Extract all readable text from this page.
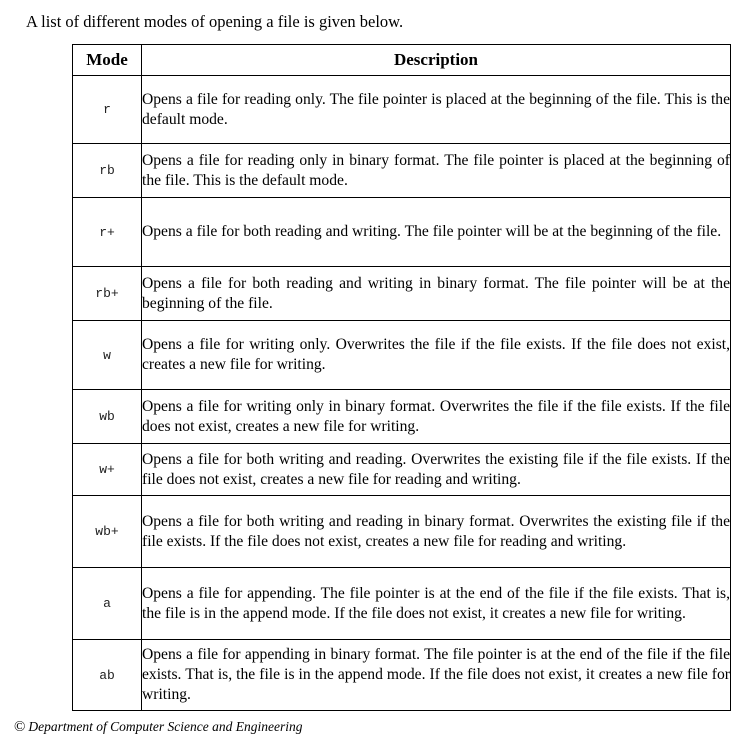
A list of different modes of opening a file is given below.
Mode	Description
r	Opens a file for reading only. The file pointer is placed at the beginning of the file. This is the default mode.
rb	Opens a file for reading only in binary format. The file pointer is placed at the beginning of the file. This is the default mode.
r+	Opens a file for both reading and writing. The file pointer will be at the beginning of the file.
rb+	Opens a file for both reading and writing in binary format. The file pointer will be at the beginning of the file.
w	Opens a file for writing only. Overwrites the file if the file exists. If the file does not exist, creates a new file for writing.
wb	Opens a file for writing only in binary format. Overwrites the file if the file exists. If the file does not exist, creates a new file for writing.
w+	Opens a file for both writing and reading. Overwrites the existing file if the file exists. If the file does not exist, creates a new file for reading and writing.
wb+	Opens a file for both writing and reading in binary format. Overwrites the existing file if the file exists. If the file does not exist, creates a new file for reading and writing.
a	Opens a file for appending. The file pointer is at the end of the file if the file exists. That is, the file is in the append mode. If the file does not exist, it creates a new file for writing.
ab	Opens a file for appending in binary format. The file pointer is at the end of the file if the file exists. That is, the file is in the append mode. If the file does not exist, it creates a new file for writing.
© Department of Computer Science and Engineering
